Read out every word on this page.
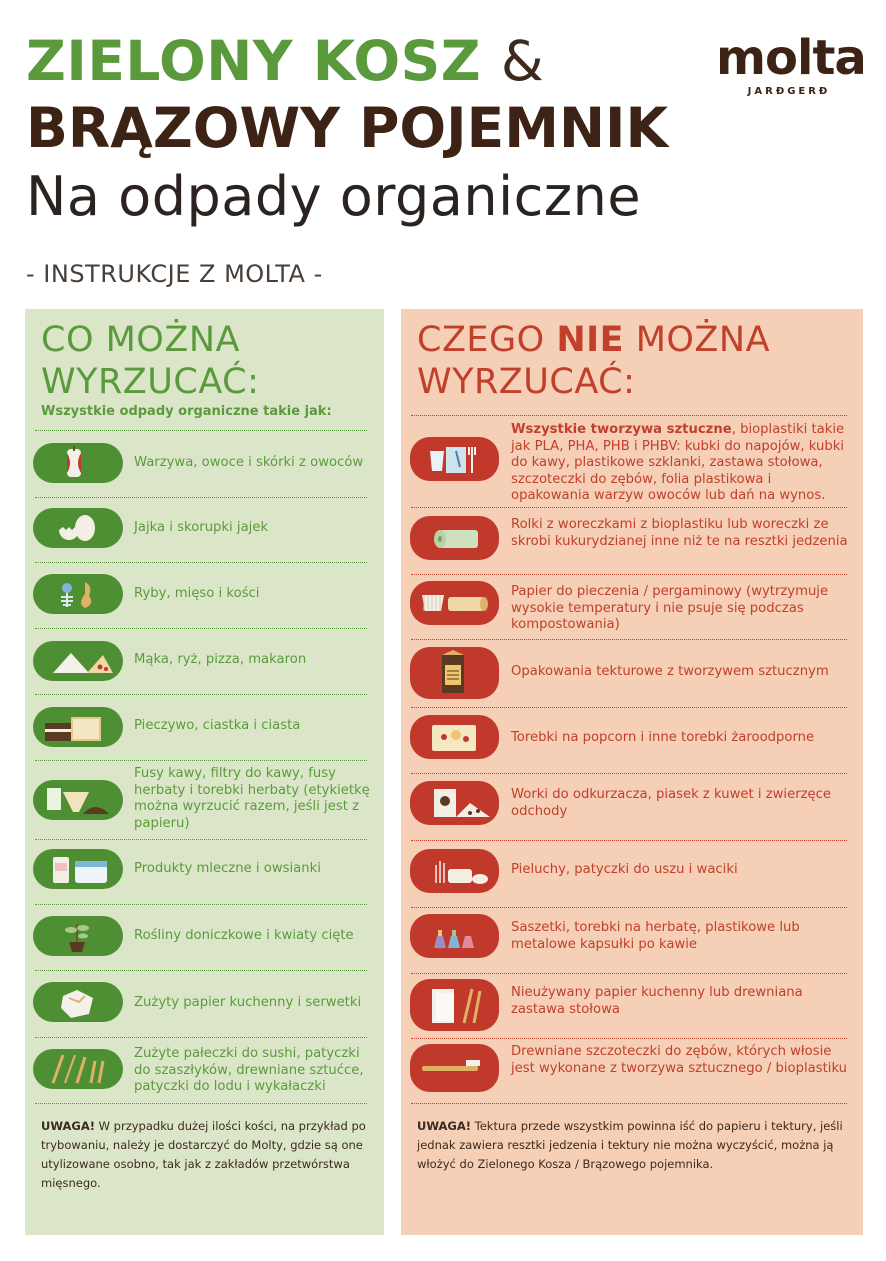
ZIELONY KOSZ &
BRĄZOWY POJEMNIK
Na odpady organiczne
- INSTRUKCJE Z MOLTA -
molta
JARÐGERÐ
CO MOŻNA
WYRZUCAĆ:
Wszystkie odpady organiczne takie jak:
Warzywa, owoce i skórki z owoców
Jajka i skorupki jajek
Ryby, mięso i kości
Mąka, ryż, pizza, makaron
Pieczywo, ciastka i ciasta
Fusy kawy, filtry do kawy, fusy herbaty i torebki herbaty (etykietkę można wyrzucić razem, jeśli jest z papieru)
Produkty mleczne i owsianki
Rośliny doniczkowe i kwiaty cięte
Zużyty papier kuchenny i serwetki
Zużyte pałeczki do sushi, patyczki do szaszłyków, drewniane sztućce, patyczki do lodu i wykałaczki
UWAGA! W przypadku dużej ilości kości, na przykład po trybowaniu, należy je dostarczyć do Molty, gdzie są one utylizowane osobno, tak jak z zakładów przetwórstwa mięsnego.
CZEGO NIE MOŻNA
WYRZUCAĆ:
Wszystkie tworzywa sztuczne, bioplastiki takie jak PLA, PHA, PHB i PHBV: kubki do napojów, kubki do kawy, plastikowe szklanki, zastawa stołowa, szczoteczki do zębów, folia plastikowa i opakowania warzyw owoców lub dań na wynos.
Rolki z woreczkami z bioplastiku lub woreczki ze skrobi kukurydzianej inne niż te na resztki jedzenia
Papier do pieczenia / pergaminowy (wytrzymuje wysokie temperatury i nie psuje się podczas kompostowania)
Opakowania tekturowe z tworzywem sztucznym
Torebki na popcorn i inne torebki żaroodporne
Worki do odkurzacza, piasek z kuwet i zwierzęce odchody
Pieluchy, patyczki do uszu i waciki
Saszetki, torebki na herbatę, plastikowe lub metalowe kapsułki po kawie
Nieużywany papier kuchenny lub drewniana zastawa stołowa
Drewniane szczoteczki do zębów, których włosie jest wykonane z tworzywa sztucznego / bioplastiku
UWAGA! Tektura przede wszystkim powinna iść do papieru i tektury, jeśli jednak zawiera resztki jedzenia i tektury nie można wyczyścić, można ją włożyć do Zielonego Kosza / Brązowego pojemnika.
